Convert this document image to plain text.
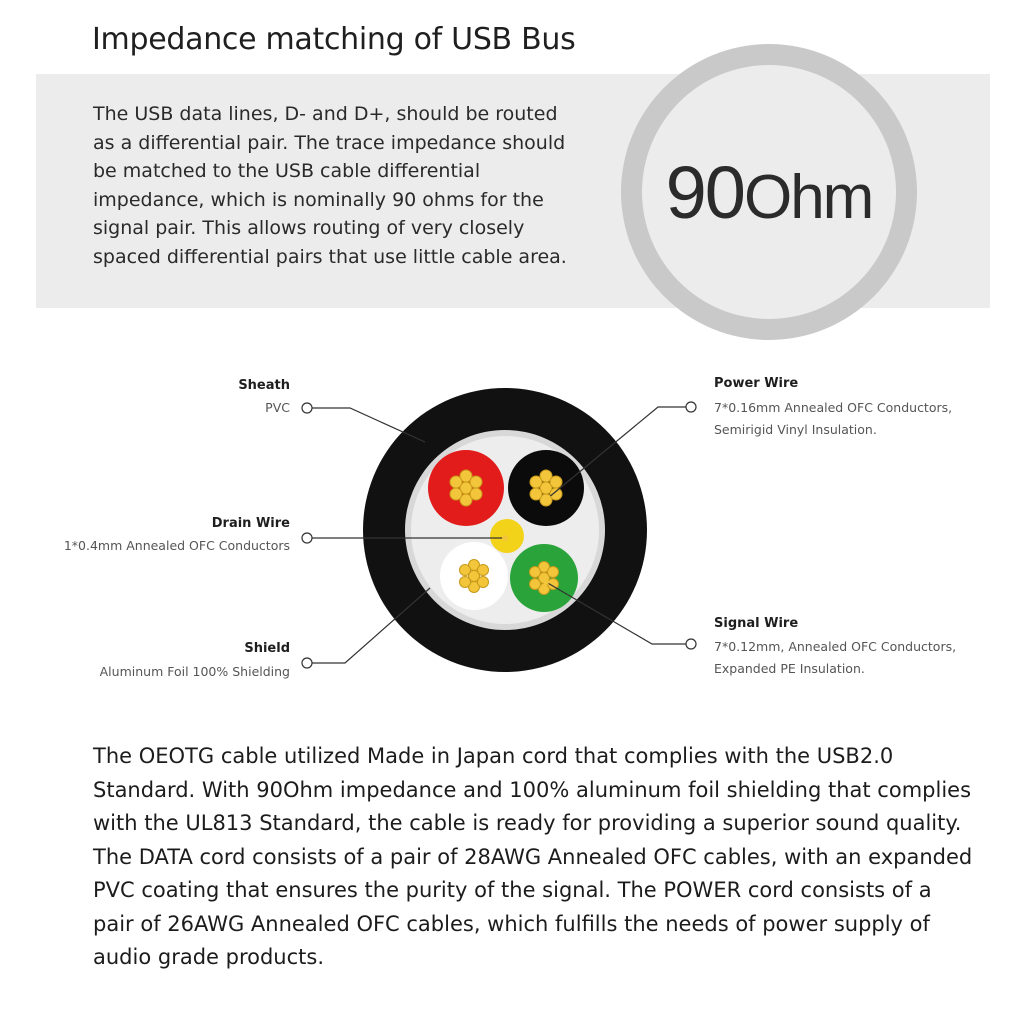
Impedance matching of USB Bus
The USB data lines, D- and D+, should be routed as a differential pair. The trace impedance should be matched to the USB cable differential impedance, which is nominally 90 ohms for the signal pair. This allows routing of very closely spaced differential pairs that use little cable area.
90Ohm
Sheath
PVC
Drain Wire
1*0.4mm Annealed OFC Conductors
Shield
Aluminum Foil 100% Shielding
Power Wire
7*0.16mm Annealed OFC Conductors,
Semirigid Vinyl Insulation.
Signal Wire
7*0.12mm, Annealed OFC Conductors,
Expanded PE Insulation.

The OEOTG cable utilized Made in Japan cord that complies with the USB2.0 Standard. With 90Ohm impedance and 100% aluminum foil shielding that complies with the UL813 Standard, the cable is ready for providing a superior sound quality.

The DATA cord consists of a pair of 28AWG Annealed OFC cables, with an expanded PVC coating that ensures the purity of the signal. The POWER cord consists of a pair of 26AWG Annealed OFC cables, which fulfills the needs of power supply of audio grade products.
